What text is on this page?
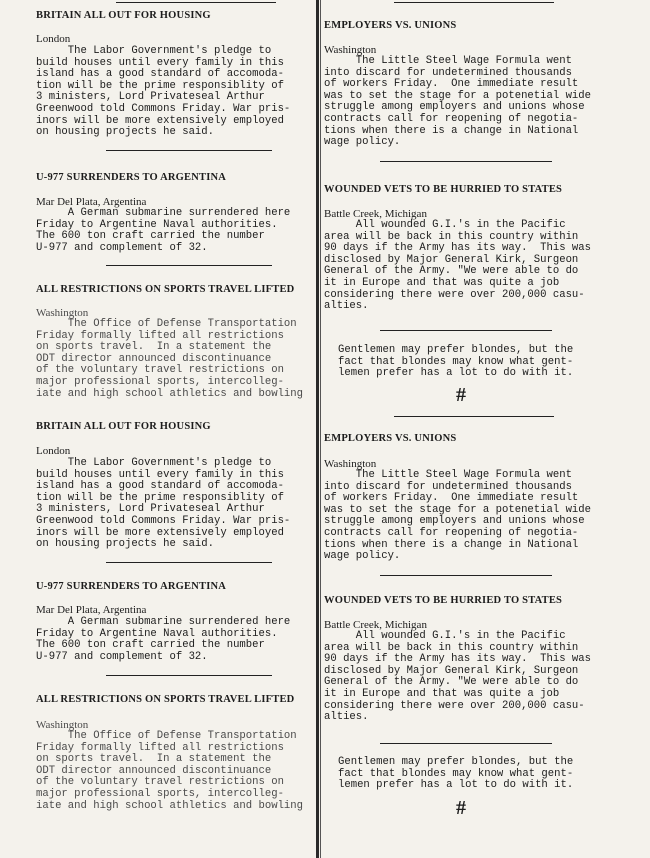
BRITAIN ALL OUT FOR HOUSING
London
The Labor Government's pledge to
build houses until every family in this
island has a good standard of accomoda-
tion will be the prime responsiblity of
3 ministers, Lord Privateseal Arthur
Greenwood told Commons Friday. War pris-
inors will be more extensively employed
on housing projects he said.
U-977 SURRENDERS TO ARGENTINA
Mar Del Plata, Argentina
A German submarine surrendered here
Friday to Argentine Naval authorities.
The 600 ton craft carried the number
U-977 and complement of 32.
ALL RESTRICTIONS ON SPORTS TRAVEL LIFTED
Washington
The Office of Defense Transportation
Friday formally lifted all restrictions
on sports travel.  In a statement the
ODT director announced discontinuance
of the voluntary travel restrictions on
major professional sports, intercolleg-
iate and high school athletics and bowling
EMPLOYERS VS. UNIONS
Washington
The Little Steel Wage Formula went
into discard for undetermined thousands
of workers Friday.  One immediate result
was to set the stage for a potenetial wide
struggle among employers and unions whose
contracts call for reopening of negotia-
tions when there is a change in National
wage policy.
WOUNDED VETS TO BE HURRIED TO STATES
Battle Creek, Michigan
All wounded G.I.'s in the Pacific
area will be back in this country within
90 days if the Army has its way.  This was
disclosed by Major General Kirk, Surgeon
General of the Army. "We were able to do
it in Europe and that was quite a job
considering there were over 200,000 casu-
alties.
Gentlemen may prefer blondes, but the
fact that blondes may know what gent-
lemen prefer has a lot to do with it.
#
BRITAIN ALL OUT FOR HOUSING
London
The Labor Government's pledge to
build houses until every family in this
island has a good standard of accomoda-
tion will be the prime responsiblity of
3 ministers, Lord Privateseal Arthur
Greenwood told Commons Friday. War pris-
inors will be more extensively employed
on housing projects he said.
U-977 SURRENDERS TO ARGENTINA
Mar Del Plata, Argentina
A German submarine surrendered here
Friday to Argentine Naval authorities.
The 600 ton craft carried the number
U-977 and complement of 32.
ALL RESTRICTIONS ON SPORTS TRAVEL LIFTED
Washington
The Office of Defense Transportation
Friday formally lifted all restrictions
on sports travel.  In a statement the
ODT director announced discontinuance
of the voluntary travel restrictions on
major professional sports, intercolleg-
iate and high school athletics and bowling
EMPLOYERS VS. UNIONS
Washington
The Little Steel Wage Formula went
into discard for undetermined thousands
of workers Friday.  One immediate result
was to set the stage for a potenetial wide
struggle among employers and unions whose
contracts call for reopening of negotia-
tions when there is a change in National
wage policy.
WOUNDED VETS TO BE HURRIED TO STATES
Battle Creek, Michigan
All wounded G.I.'s in the Pacific
area will be back in this country within
90 days if the Army has its way.  This was
disclosed by Major General Kirk, Surgeon
General of the Army. "We were able to do
it in Europe and that was quite a job
considering there were over 200,000 casu-
alties.
Gentlemen may prefer blondes, but the
fact that blondes may know what gent-
lemen prefer has a lot to do with it.
#
